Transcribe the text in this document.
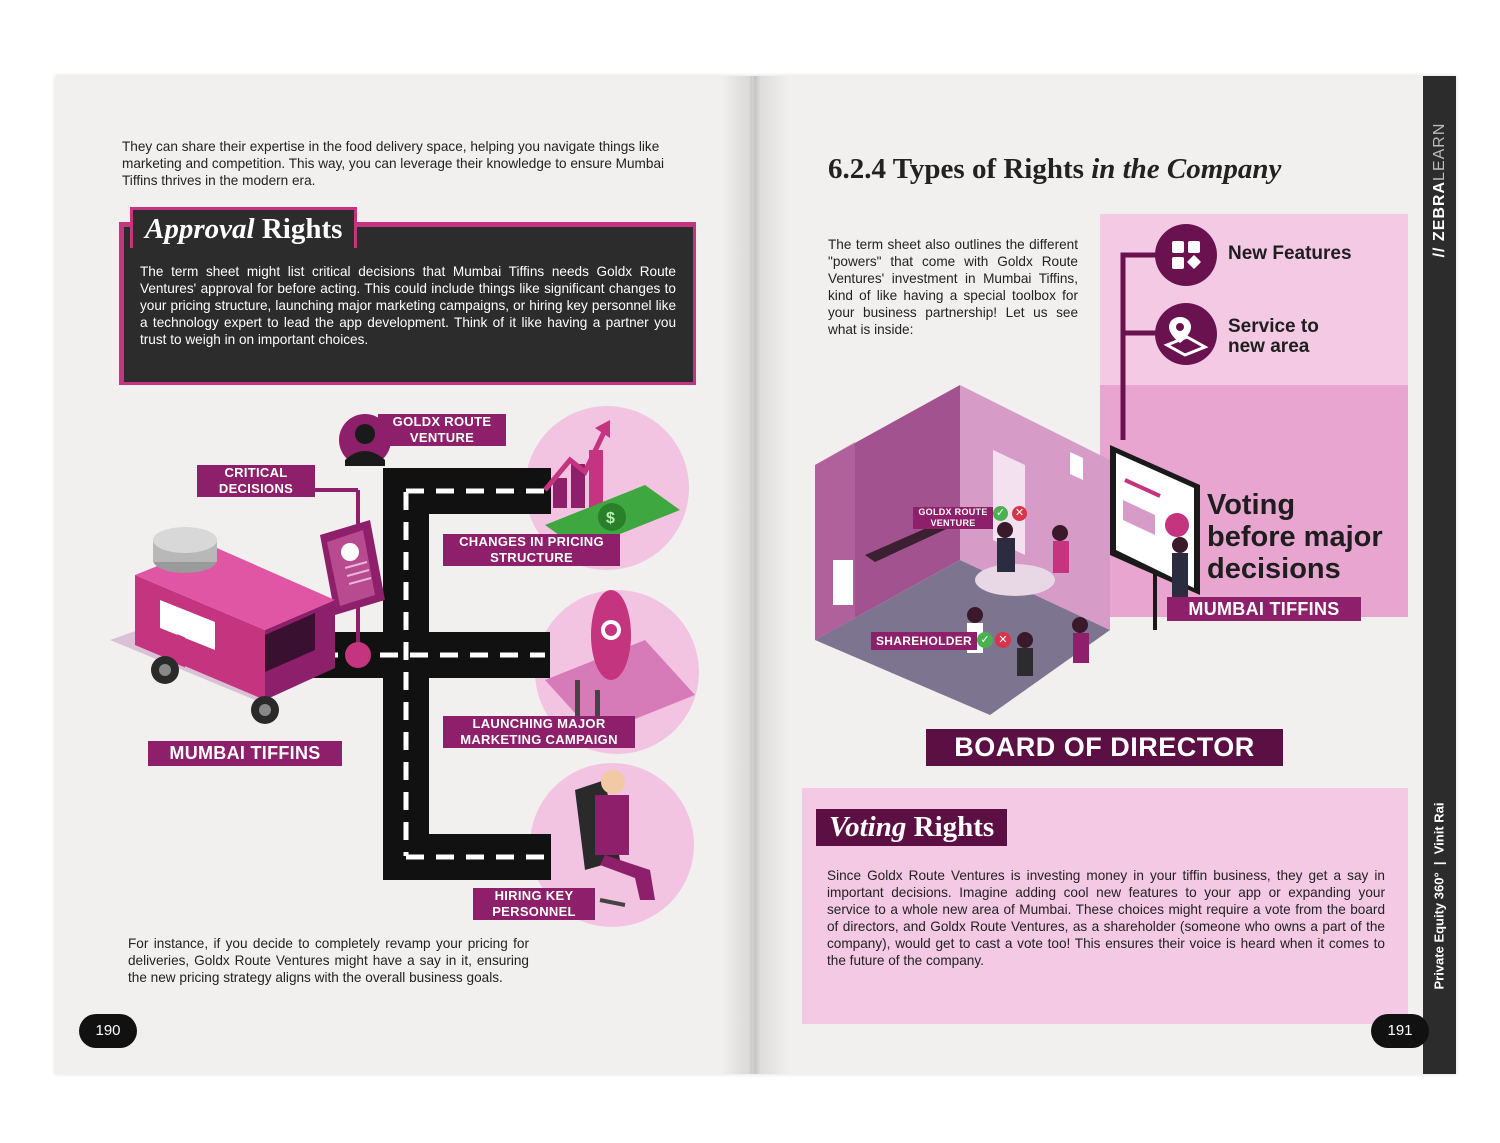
They can share their expertise in the food delivery space, helping you navigate things like marketing and competition. This way, you can leverage their knowledge to ensure Mumbai Tiffins thrives in the modern era.
Approval Rights
The term sheet might list critical decisions that Mumbai Tiffins needs Goldx Route Ventures' approval for before acting. This could include things like significant changes to your pricing structure, launching major marketing campaigns, or hiring key personnel like a technology expert to lead the app development. Think of it like having a partner you trust to weigh in on important choices.
$
GOLDX ROUTE VENTURE
CRITICAL DECISIONS
CHANGES IN PRICING STRUCTURE
LAUNCHING MAJOR MARKETING CAMPAIGN
HIRING KEY PERSONNEL
MUMBAI TIFFINS
For instance, if you decide to completely revamp your pricing for deliveries, Goldx Route Ventures might have a say in it, ensuring the new pricing strategy aligns with the overall business goals.
190
// ZEBRALEARN
Private Equity 360°  |  Vinit Rai
6.2.4 Types of Rights in the Company
The term sheet also outlines the different "powers" that come with Goldx Route Ventures' investment in Mumbai Tiffins, kind of like having a special toolbox for your business partnership! Let us see what is inside:
New Features
Service to
new area
Voting
before major
decisions
GOLDX ROUTE VENTURE
✓ ✕
SHAREHOLDER ✓ ✕
MUMBAI TIFFINS
BOARD OF DIRECTOR
Voting Rights
Since Goldx Route Ventures is investing money in your tiffin business, they get a say in important decisions. Imagine adding cool new features to your app or expanding your service to a whole new area of Mumbai. These choices might require a vote from the board of directors, and Goldx Route Ventures, as a shareholder (someone who owns a part of the company), would get to cast a vote too! This ensures their voice is heard when it comes to the future of the company.
191
